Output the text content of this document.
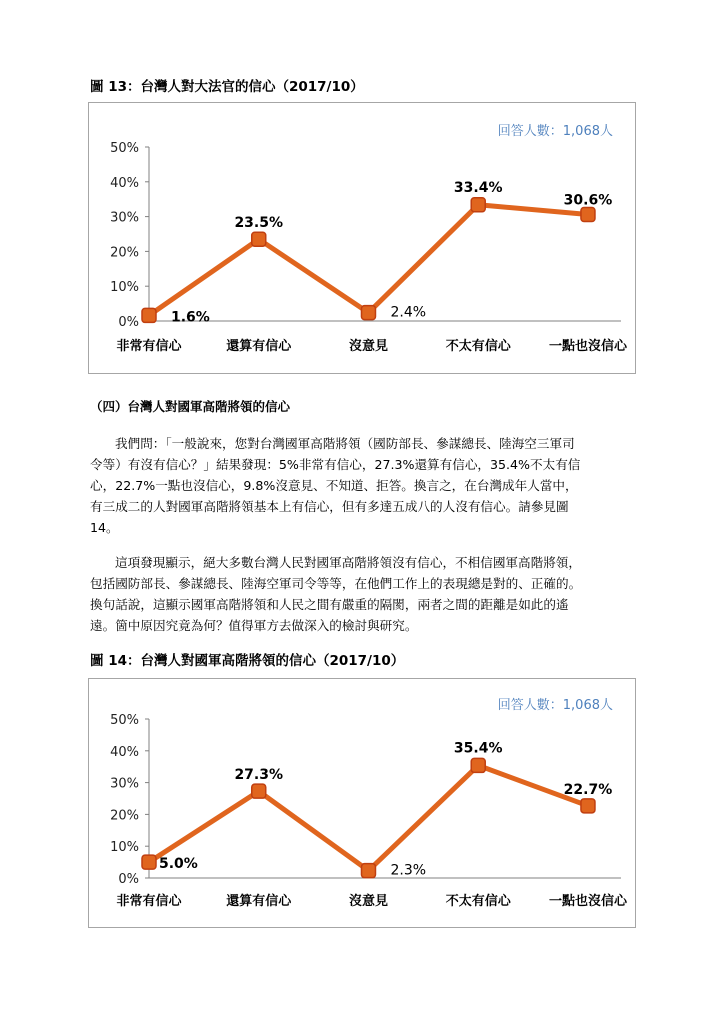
圖 13：台灣人對大法官的信心（2017/10）
0%
10%
20%
30%
40%
50%
非常有信心	還算有信心	沒意見	不太有信心	一點也沒信心
1.6%
23.5%
2.4%
33.4%
30.6%
回答人數：1,068人
（四）台灣人對國軍高階將領的信心

我們問：「一般說來，您對台灣國軍高階將領（國防部長、參謀總長、陸海空三軍司
令等）有沒有信心？」結果發現：5%非常有信心，27.3%還算有信心，35.4%不太有信
心，22.7%一點也沒信心，9.8%沒意見、不知道、拒答。換言之，在台灣成年人當中，
有三成二的人對國軍高階將領基本上有信心，但有多達五成八的人沒有信心。請參見圖
14。

這項發現顯示，絕大多數台灣人民對國軍高階將領沒有信心，不相信國軍高階將領，
包括國防部長、參謀總長、陸海空軍司令等等，在他們工作上的表現總是對的、正確的。
換句話說，這顯示國軍高階將領和人民之間有嚴重的隔閡，兩者之間的距離是如此的遙
遠。箇中原因究竟為何？值得軍方去做深入的檢討與研究。

圖 14：台灣人對國軍高階將領的信心（2017/10）
0%
10%
20%
30%
40%
50%
非常有信心	還算有信心	沒意見	不太有信心	一點也沒信心
5.0%
27.3%
2.3%
35.4%
22.7%
回答人數：1,068人
